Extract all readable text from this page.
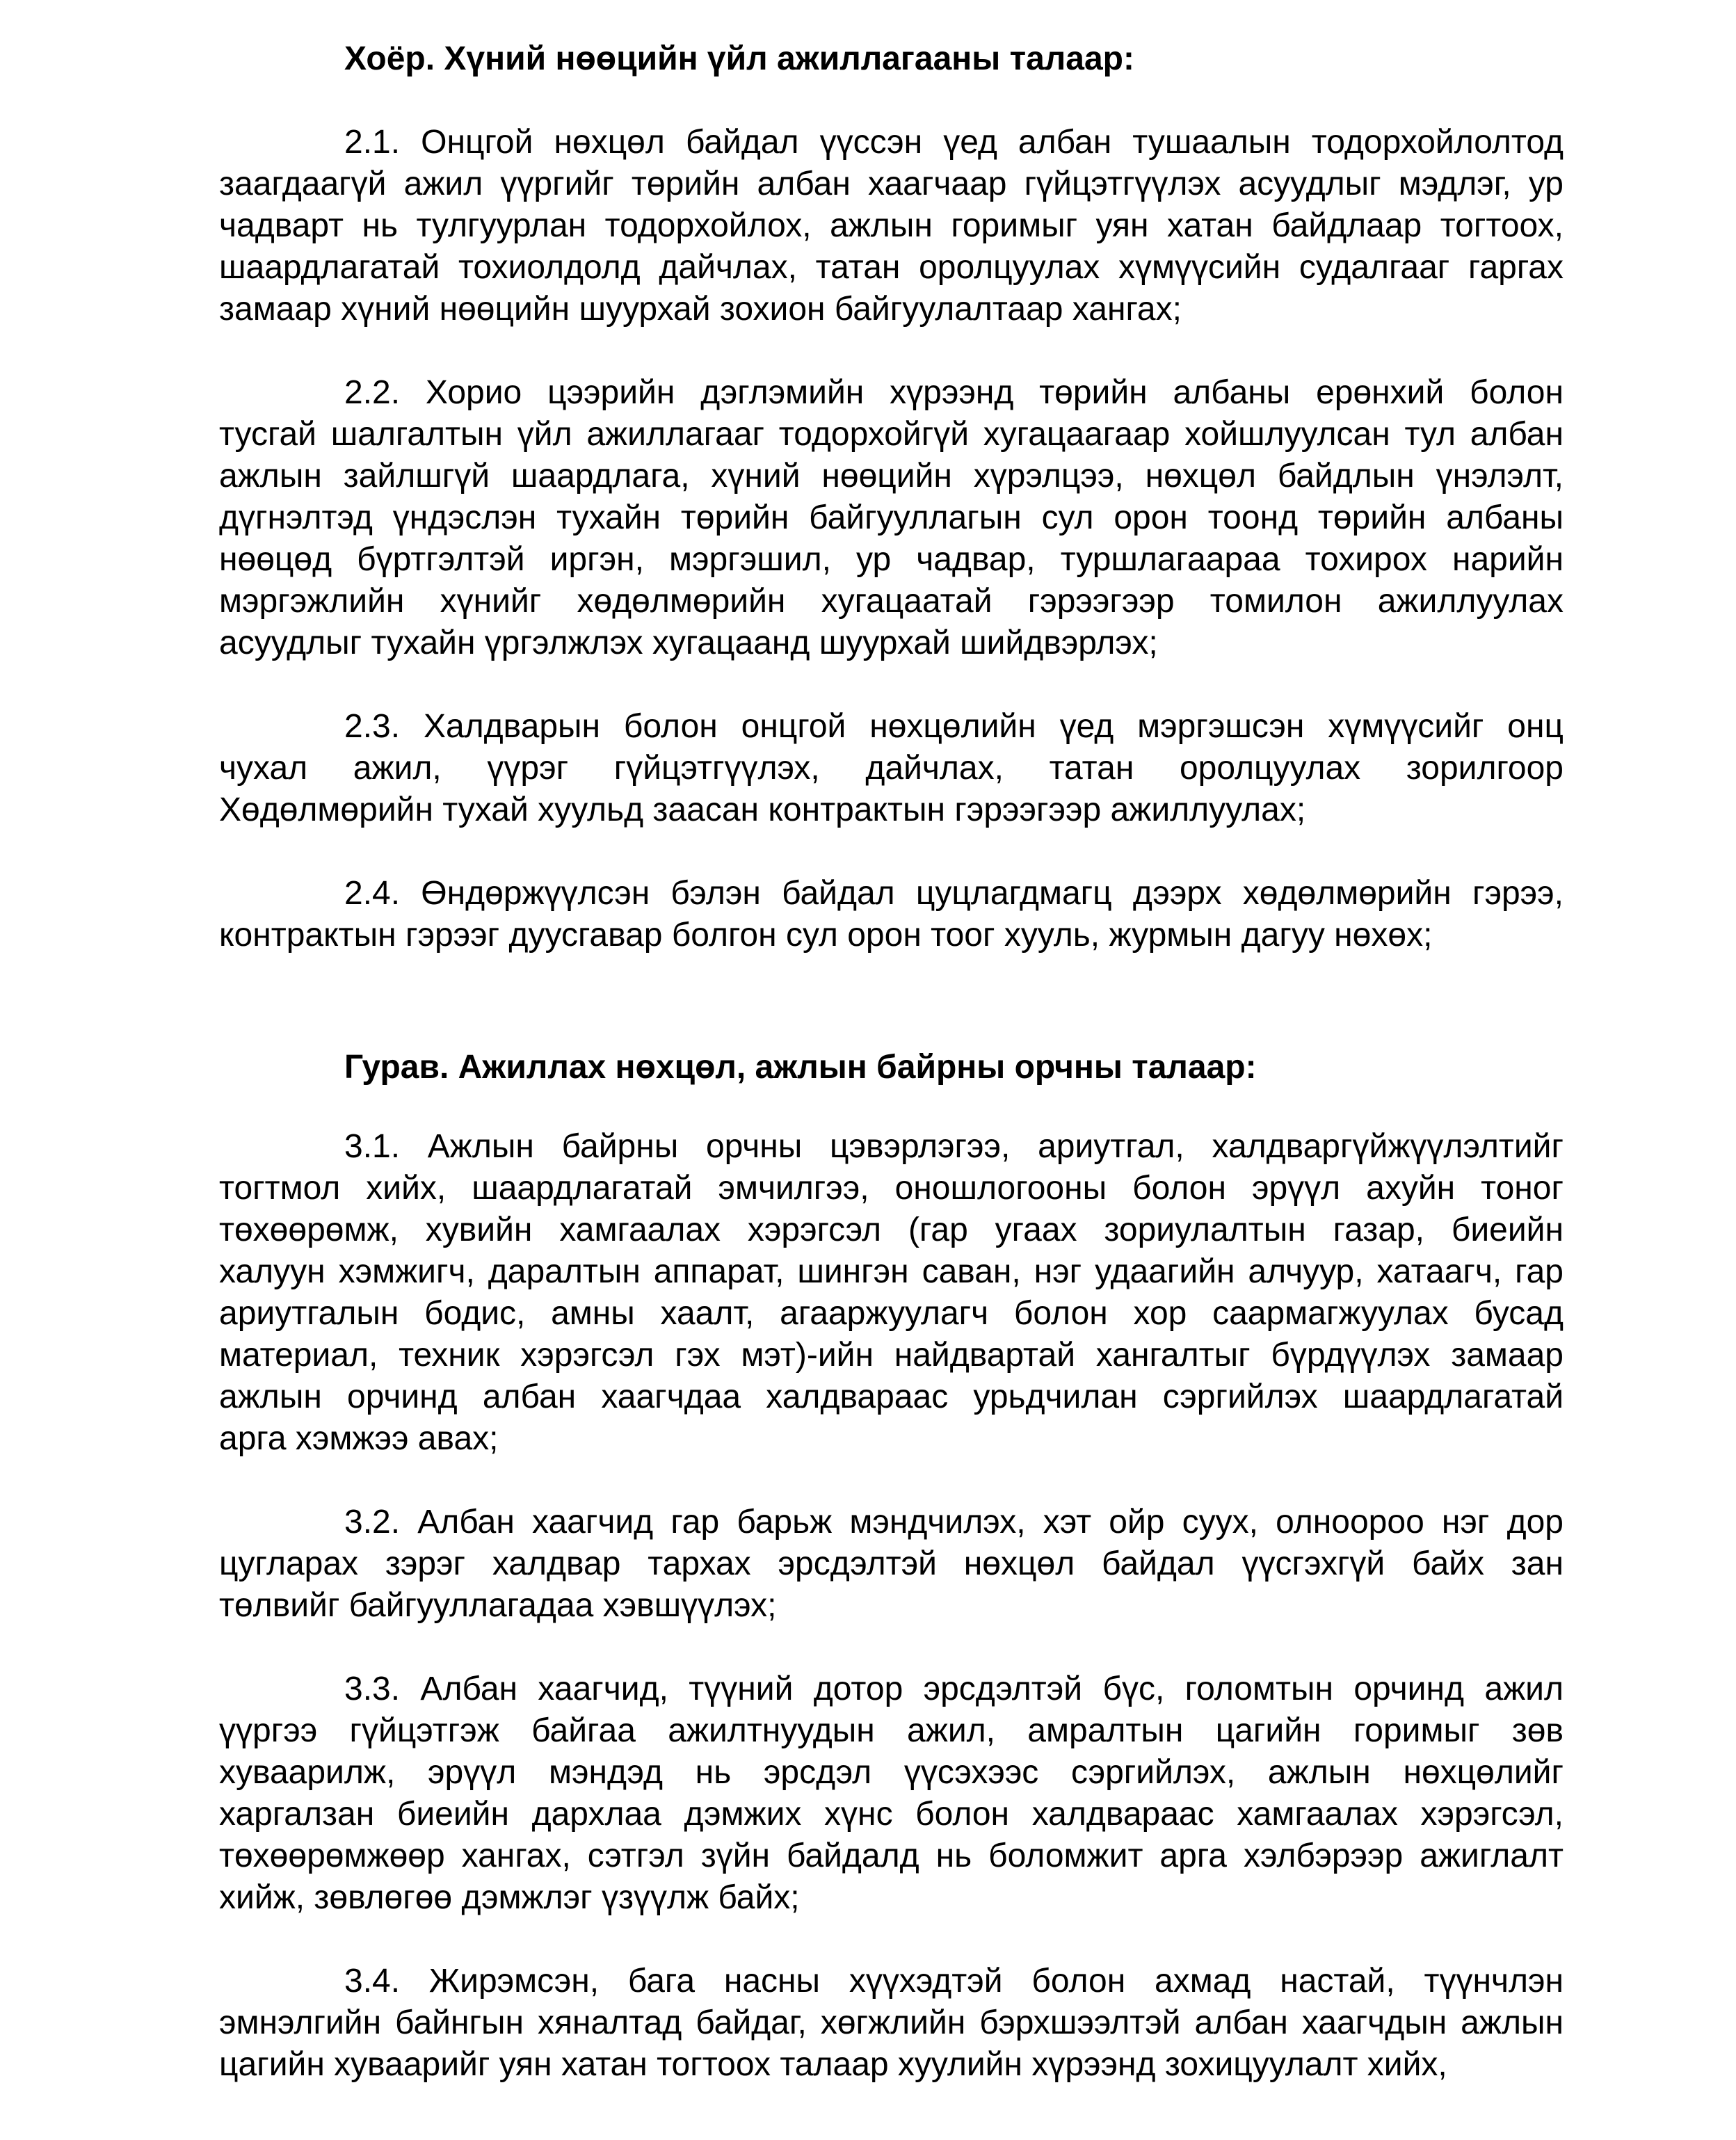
Хоёр. Хүний нөөцийн үйл ажиллагааны талаар:
2.1. Онцгой нөхцөл байдал үүссэн үед албан тушаалын тодорхойлолтод
заагдаагүй ажил үүргийг төрийн албан хаагчаар гүйцэтгүүлэх асуудлыг мэдлэг, ур
чадварт нь тулгуурлан тодорхойлох, ажлын горимыг уян хатан байдлаар тогтоох,
шаардлагатай тохиолдолд дайчлах, татан оролцуулах хүмүүсийн судалгааг гаргах
замаар хүний нөөцийн шуурхай зохион байгуулалтаар хангах;
2.2. Хорио цээрийн дэглэмийн хүрээнд төрийн албаны ерөнхий болон
тусгай шалгалтын үйл ажиллагааг тодорхойгүй хугацаагаар хойшлуулсан тул албан
ажлын зайлшгүй шаардлага, хүний нөөцийн хүрэлцээ, нөхцөл байдлын үнэлэлт,
дүгнэлтэд үндэслэн тухайн төрийн байгууллагын сул орон тоонд төрийн албаны
нөөцөд бүртгэлтэй иргэн, мэргэшил, ур чадвар, туршлагаараа тохирох нарийн
мэргэжлийн хүнийг хөдөлмөрийн хугацаатай гэрээгээр томилон ажиллуулах
асуудлыг тухайн үргэлжлэх хугацаанд шуурхай шийдвэрлэх;
2.3. Халдварын болон онцгой нөхцөлийн үед мэргэшсэн хүмүүсийг онц
чухал ажил, үүрэг гүйцэтгүүлэх, дайчлах, татан оролцуулах зорилгоор
Хөдөлмөрийн тухай хуульд заасан контрактын гэрээгээр ажиллуулах;
2.4. Өндөржүүлсэн бэлэн байдал цуцлагдмагц дээрх хөдөлмөрийн гэрээ,
контрактын гэрээг дуусгавар болгон сул орон тоог хууль, журмын дагуу нөхөх;
Гурав. Ажиллах нөхцөл, ажлын байрны орчны талаар:
3.1. Ажлын байрны орчны цэвэрлэгээ, ариутгал, халдваргүйжүүлэлтийг
тогтмол хийх, шаардлагатай эмчилгээ, оношлогооны болон эрүүл ахуйн тоног
төхөөрөмж, хувийн хамгаалах хэрэгсэл (гар угаах зориулалтын газар, биеийн
халуун хэмжигч, даралтын аппарат, шингэн саван, нэг удаагийн алчуур, хатаагч, гар
ариутгалын бодис, амны хаалт, агааржуулагч болон хор саармагжуулах бусад
материал, техник хэрэгсэл гэх мэт)-ийн найдвартай хангалтыг бүрдүүлэх замаар
ажлын орчинд албан хаагчдаа халдвараас урьдчилан сэргийлэх шаардлагатай
арга хэмжээ авах;
3.2. Албан хаагчид гар барьж мэндчилэх, хэт ойр суух, олноороо нэг дор
цугларах зэрэг халдвар тархах эрсдэлтэй нөхцөл байдал үүсгэхгүй байх зан
төлвийг байгууллагадаа хэвшүүлэх;
3.3. Албан хаагчид, түүний дотор эрсдэлтэй бүс, голомтын орчинд ажил
үүргээ гүйцэтгэж байгаа ажилтнуудын ажил, амралтын цагийн горимыг зөв
хуваарилж, эрүүл мэндэд нь эрсдэл үүсэхээс сэргийлэх, ажлын нөхцөлийг
харгалзан биеийн дархлаа дэмжих хүнс болон халдвараас хамгаалах хэрэгсэл,
төхөөрөмжөөр хангах, сэтгэл зүйн байдалд нь боломжит арга хэлбэрээр ажиглалт
хийж, зөвлөгөө дэмжлэг үзүүлж байх;
3.4. Жирэмсэн, бага насны хүүхэдтэй болон ахмад настай, түүнчлэн
эмнэлгийн байнгын хяналтад байдаг, хөгжлийн бэрхшээлтэй албан хаагчдын ажлын
цагийн хуваарийг уян хатан тогтоох талаар хуулийн хүрээнд зохицуулалт хийх,
